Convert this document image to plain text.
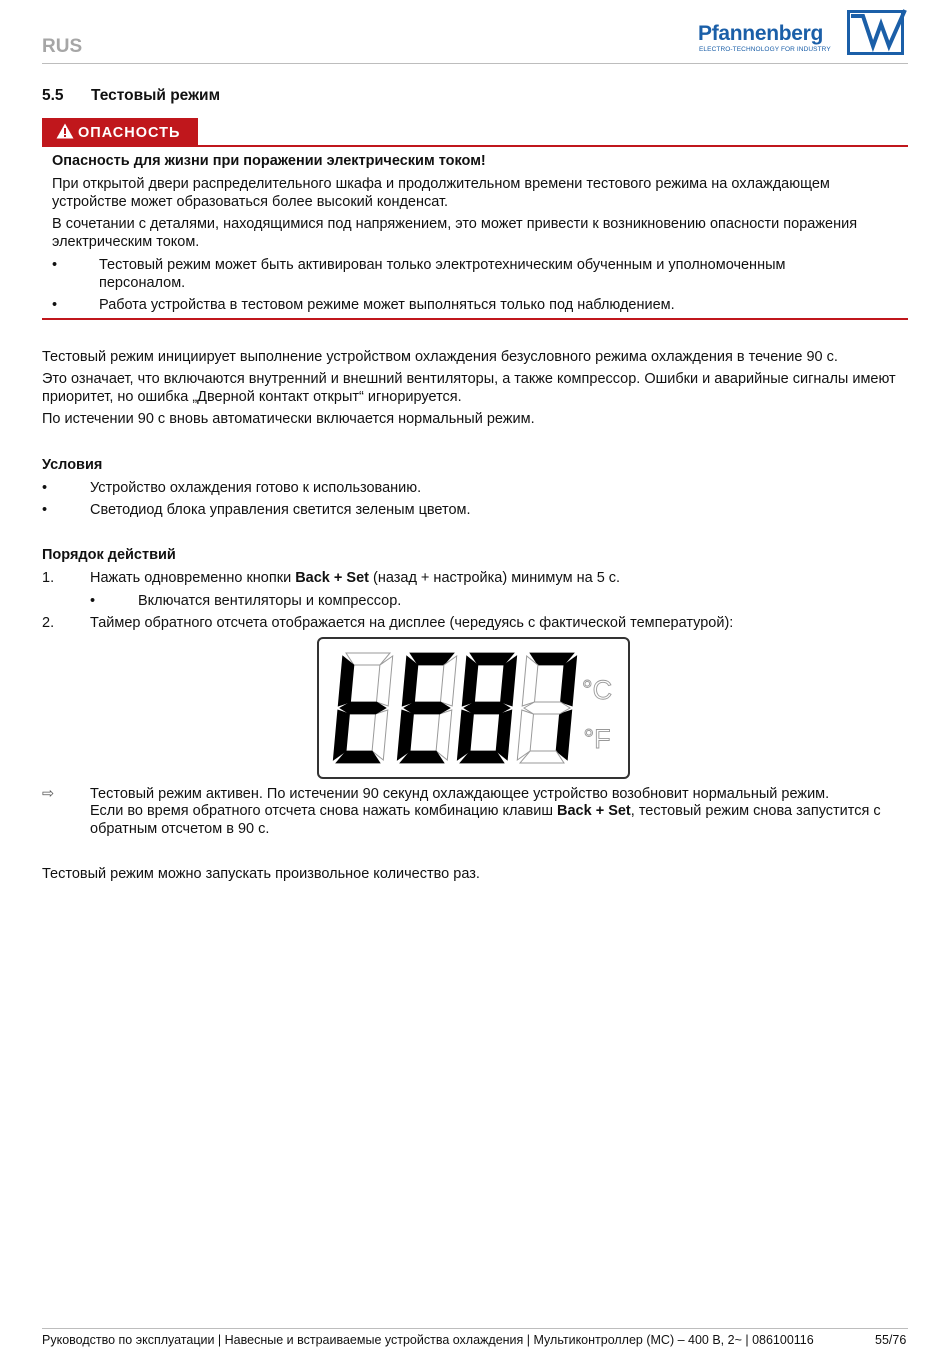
RUS
Pfannenberg
ELECTRO-TECHNOLOGY FOR INDUSTRY
5.5 Тестовый режим
ОПАСНОСТЬ
Опасность для жизни при поражении электрическим током!
При открытой двери распределительного шкафа и продолжительном времени тестового режима на охлаждающем устройстве может образоваться более высокий конденсат.
В сочетании с деталями, находящимися под напряжением, это может привести к возникновению опасности поражения электрическим током.
•	Тестовый режим может быть активирован только электротехническим обученным и уполномоченным персоналом.
•	Работа устройства в тестовом режиме может выполняться только под наблюдением.
Тестовый режим инициирует выполнение устройством охлаждения безусловного режима охлаждения в течение 90 с.
Это означает, что включаются внутренний и внешний вентиляторы, а также компрессор. Ошибки и аварийные сигналы имеют приоритет, но ошибка „Дверной контакт открыт“ игнорируется.
По истечении 90 с вновь автоматически включается нормальный режим.
Условия
•	Устройство охлаждения готово к использованию.
•	Светодиод блока управления светится зеленым цветом.
Порядок действий
1. Нажать одновременно кнопки Back + Set (назад + настройка) минимум на 5 с.
•	Включатся вентиляторы и компрессор.
2. Таймер обратного отсчета отображается на дисплее (чередуясь с фактической температурой):
°C
°F
⇨ Тестовый режим активен. По истечении 90 секунд охлаждающее устройство возобновит нормальный режим.
Если во время обратного отсчета снова нажать комбинацию клавиш Back + Set, тестовый режим снова запустится с обратным отсчетом в 90 с.
Тестовый режим можно запускать произвольное количество раз.
Руководство по эксплуатации | Навесные и встраиваемые устройства охлаждения | Мультиконтроллер (MC) – 400 В, 2~ | 086100116	55/76
